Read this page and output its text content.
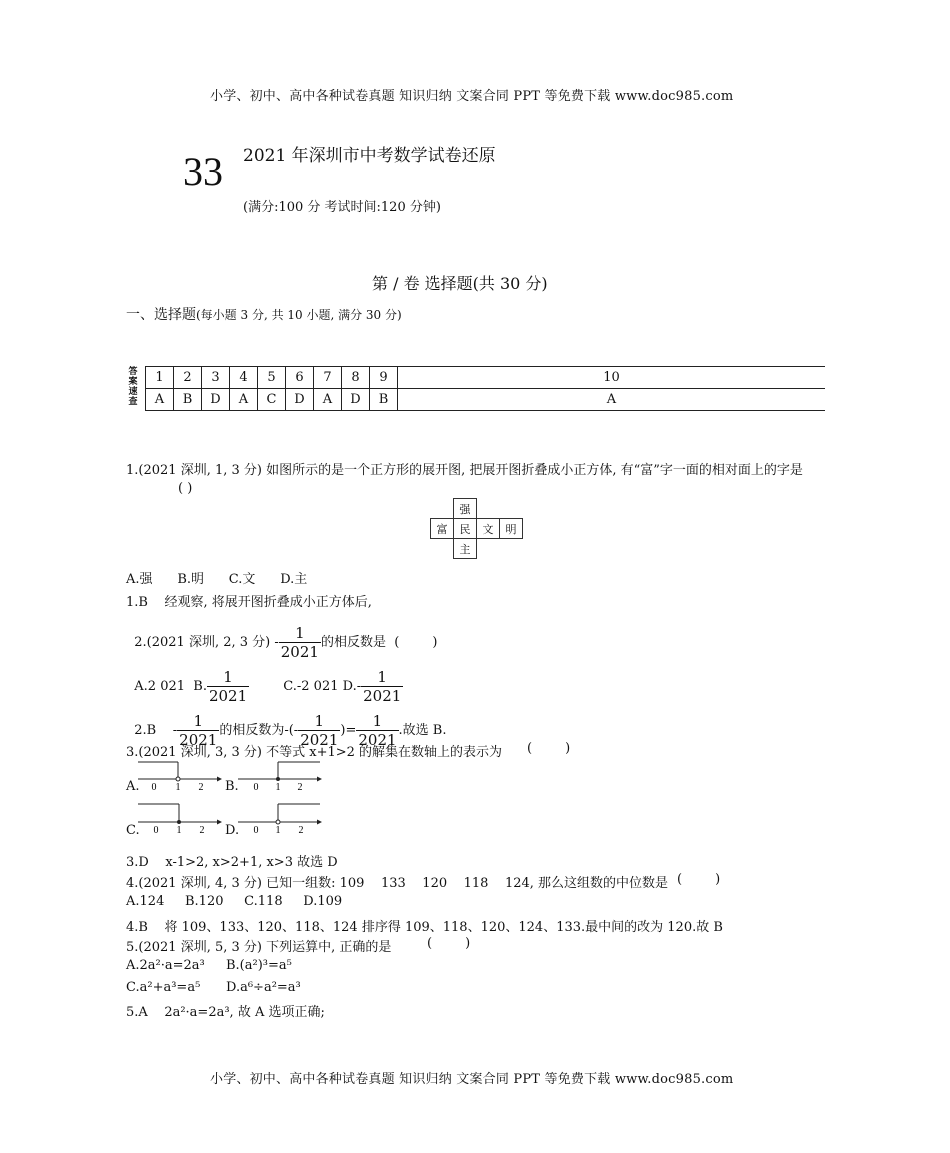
小学、初中、高中各种试卷真题 知识归纳 文案合同 PPT 等免费下载 www.doc985.com
33 2021 年深圳市中考数学试卷还原
(满分:100 分 考试时间:120 分钟)
第 / 卷 选择题(共 30 分)
一、选择题(每小题 3 分, 共 10 小题, 满分 30 分)
答案速查
1	2	3	4	5	6	7	8	9	10
A	B	D	A	C	D	A	D	B	A
1.(2021 深圳, 1, 3 分) 如图所示的是一个正方形的展开图, 把展开图折叠成小正方体, 有“富”字一面的相对面上的字是
( )
	强		
富	民	文	明
	主		
A.强      B.明      C.文      D.主
1.B    经观察, 将展开图折叠成小正方体后,

2.(2021 深圳, 2, 3 分) - $\frac{1}{2021}$ 的相反数是  (        )

A.2 021  B. $\frac{1}{2021}$	C.-2 021 $D.- \frac{1}{2021}$

2.B    - $\frac{1}{2021}$ 的相反数为-(- $\frac{1}{2021}$ )= $\frac{1}{2021}$ .故选 B.

3.(2021 深圳, 3, 3 分) 不等式 x+1>2 的解集在数轴上的表示为 (        )
A. 0 1 2 B. 0 1 2
C. 0 1 2 D. 0 1 2
3.D    x-1>2, x>2+1, x>3 故选 D
4.(2021 深圳, 4, 3 分) 已知一组数: 109    133    120    118    124, 那么这组数的中位数是 (        )
A.124     B.120     C.118     D.109
4.B    将 109、133、120、118、124 排序得 109、118、120、124、133.最中间的改为 120.故 B
5.(2021 深圳, 5, 3 分) 下列运算中, 正确的是	(        )
A.2a²·a=2a³ B.(a²)³=a⁵
C.a²+a³=a⁵ D.a⁶÷a²=a³
5.A    2a²·a=2a³, 故 A 选项正确;
小学、初中、高中各种试卷真题 知识归纳 文案合同 PPT 等免费下载 www.doc985.com
